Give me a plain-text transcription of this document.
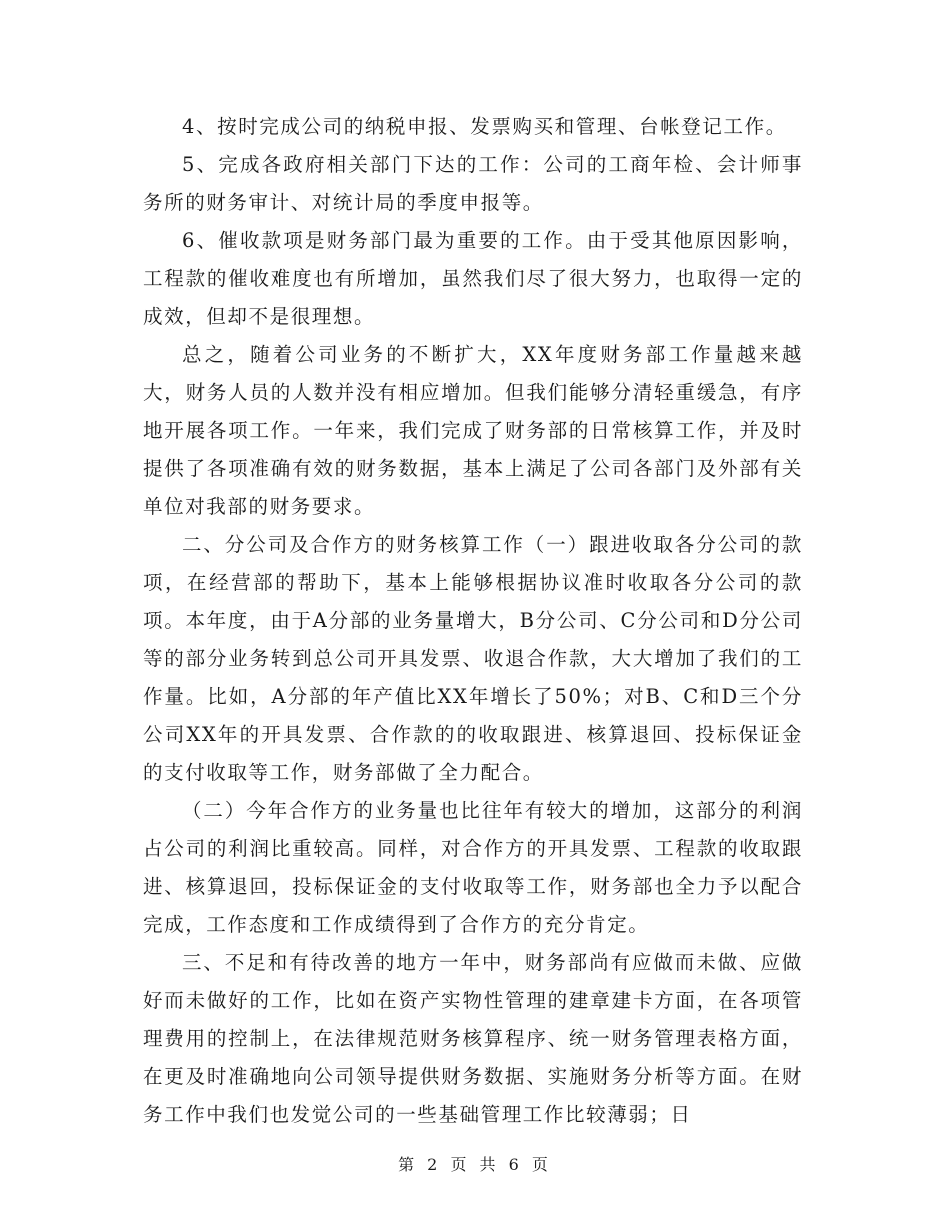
4、按时完成公司的纳税申报、发票购买和管理、台帐登记工作。

5、完成各政府相关部门下达的工作：公司的工商年检、会计师事务所的财务审计、对统计局的季度申报等。

6、催收款项是财务部门最为重要的工作。由于受其他原因影响，工程款的催收难度也有所增加，虽然我们尽了很大努力，也取得一定的成效，但却不是很理想。

总之，随着公司业务的不断扩大，XX年度财务部工作量越来越大，财务人员的人数并没有相应增加。但我们能够分清轻重缓急，有序地开展各项工作。一年来，我们完成了财务部的日常核算工作，并及时提供了各项准确有效的财务数据，基本上满足了公司各部门及外部有关单位对我部的财务要求。

二、分公司及合作方的财务核算工作（一）跟进收取各分公司的款项，在经营部的帮助下，基本上能够根据协议准时收取各分公司的款项。本年度，由于A分部的业务量增大，B分公司、C分公司和D分公司等的部分业务转到总公司开具发票、收退合作款，大大增加了我们的工作量。比如，A分部的年产值比XX年增长了50%；对B、C和D三个分公司XX年的开具发票、合作款的的收取跟进、核算退回、投标保证金的支付收取等工作，财务部做了全力配合。

（二）今年合作方的业务量也比往年有较大的增加，这部分的利润占公司的利润比重较高。同样，对合作方的开具发票、工程款的收取跟进、核算退回，投标保证金的支付收取等工作，财务部也全力予以配合完成，工作态度和工作成绩得到了合作方的充分肯定。

三、不足和有待改善的地方一年中，财务部尚有应做而未做、应做好而未做好的工作，比如在资产实物性管理的建章建卡方面，在各项管理费用的控制上，在法律规范财务核算程序、统一财务管理表格方面，在更及时准确地向公司领导提供财务数据、实施财务分析等方面。在财务工作中我们也发觉公司的一些基础管理工作比较薄弱；日

第 2 页 共 6 页
